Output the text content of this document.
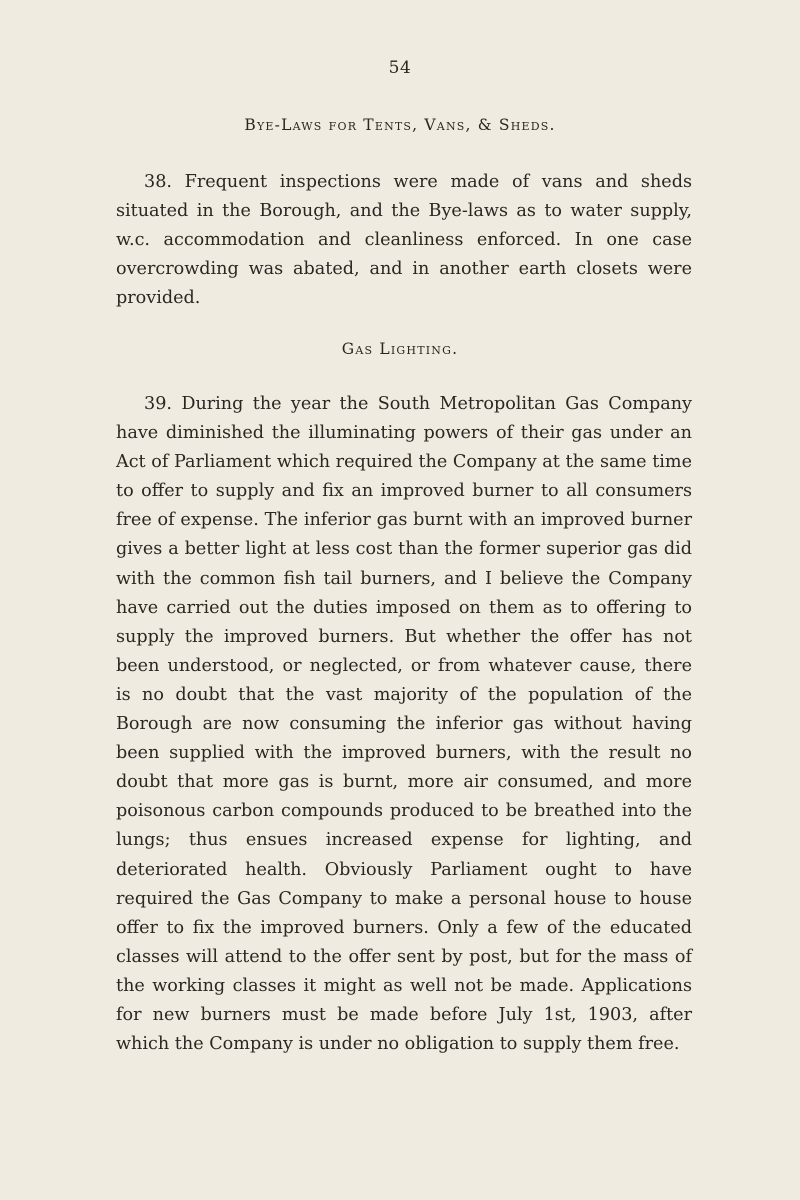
54
Bye-Laws for Tents, Vans, & Sheds.

38. Frequent inspections were made of vans and sheds situated in the Borough, and the Bye-laws as to water supply, w.c. accommodation and cleanliness enforced. In one case overcrowding was abated, and in another earth closets were provided.

Gas Lighting.

39. During the year the South Metropolitan Gas Company have diminished the illuminating powers of their gas under an Act of Parliament which required the Company at the same time to offer to supply and fix an improved burner to all consumers free of expense. The inferior gas burnt with an improved burner gives a better light at less cost than the former superior gas did with the common fish tail burners, and I believe the Company have carried out the duties imposed on them as to offering to supply the improved burners. But whether the offer has not been understood, or neglected, or from whatever cause, there is no doubt that the vast majority of the population of the Borough are now consuming the inferior gas without having been supplied with the improved burners, with the result no doubt that more gas is burnt, more air consumed, and more poisonous carbon compounds produced to be breathed into the lungs; thus ensues increased expense for lighting, and deteriorated health. Obviously Parliament ought to have required the Gas Company to make a personal house to house offer to fix the improved burners. Only a few of the educated classes will attend to the offer sent by post, but for the mass of the working classes it might as well not be made. Applications for new burners must be made before July 1st, 1903, after which the Company is under no obligation to supply them free.
